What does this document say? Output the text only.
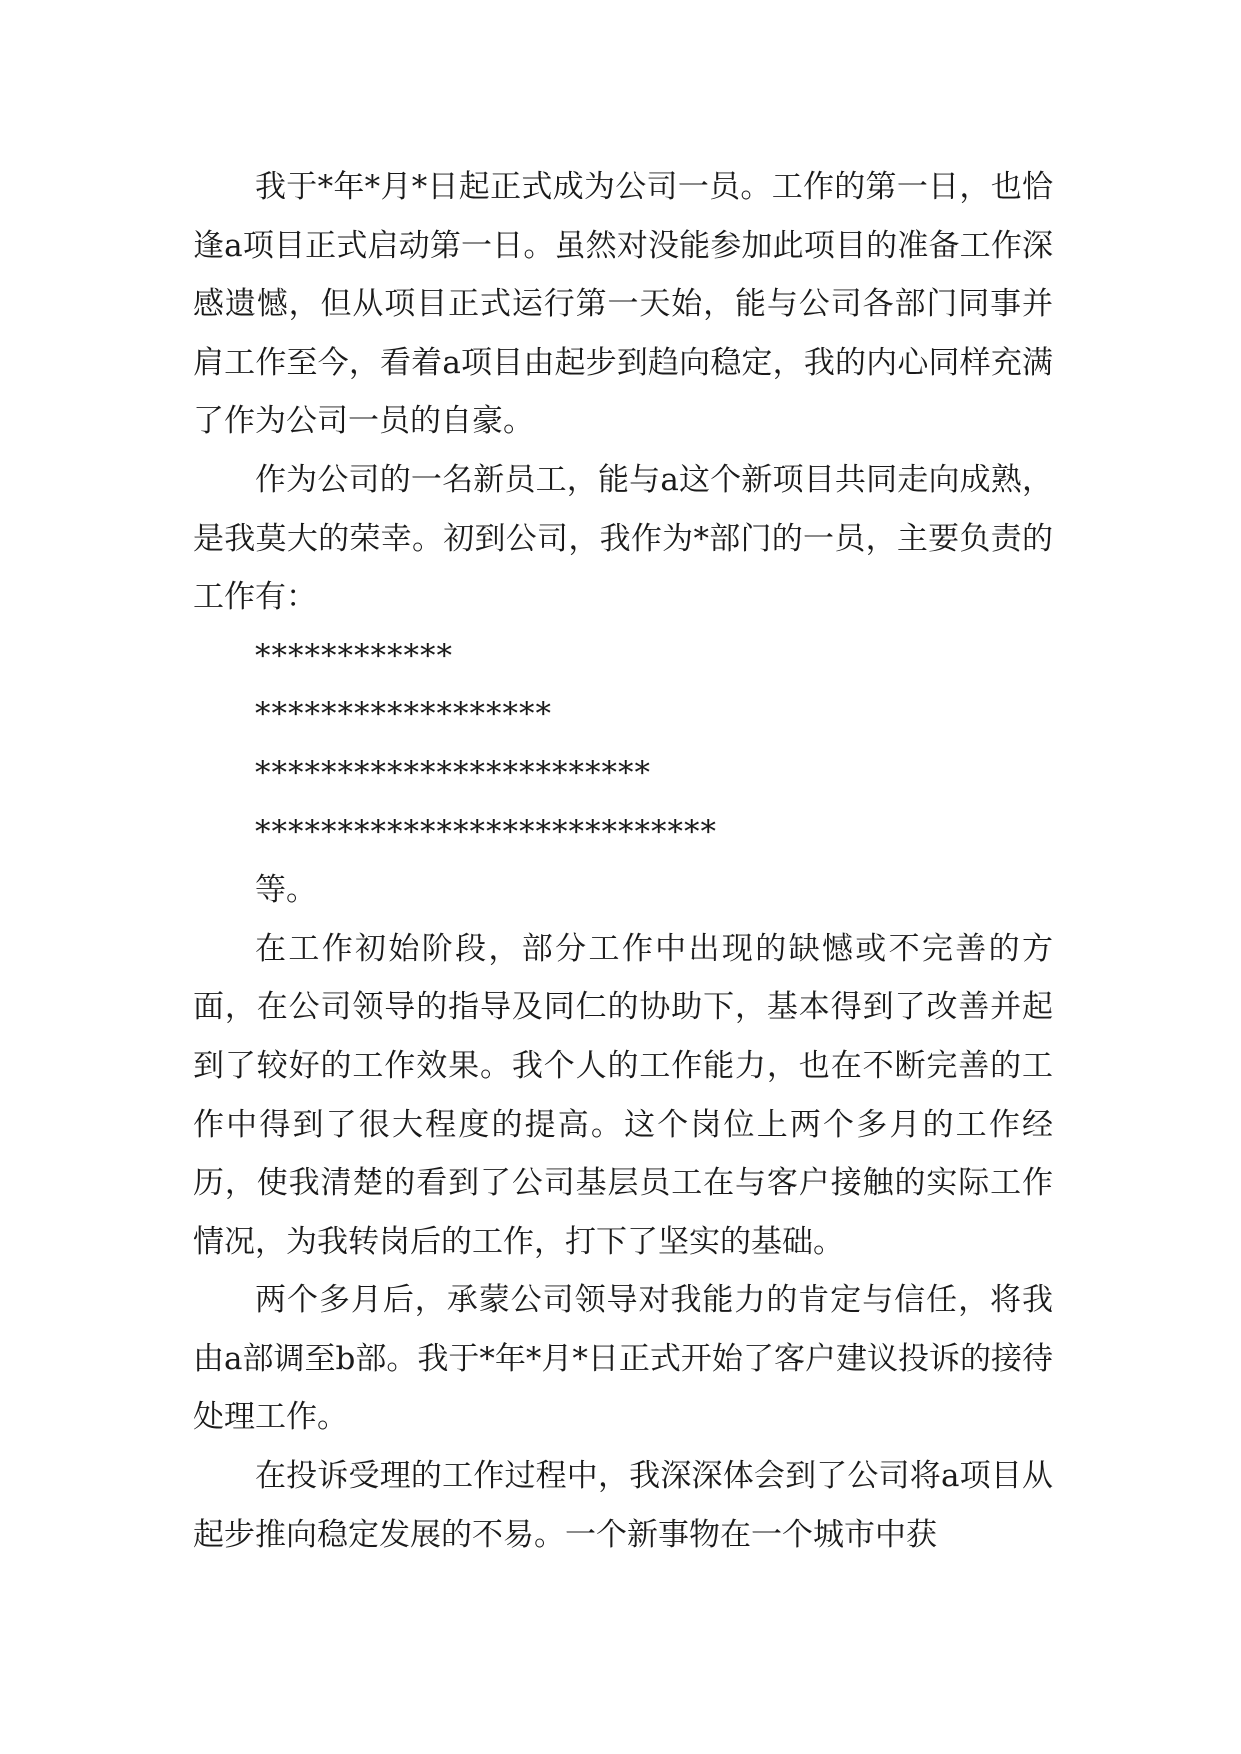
我于*年*月*日起正式成为公司一员。工作的第一日，也恰逢a项目正式启动第一日。虽然对没能参加此项目的准备工作深感遗憾，但从项目正式运行第一天始，能与公司各部门同事并肩工作至今，看着a项目由起步到趋向稳定，我的内心同样充满了作为公司一员的自豪。

作为公司的一名新员工，能与a这个新项目共同走向成熟，是我莫大的荣幸。初到公司，我作为*部门的一员，主要负责的工作有：

************

******************

************************

****************************

等。

在工作初始阶段，部分工作中出现的缺憾或不完善的方面，在公司领导的指导及同仁的协助下，基本得到了改善并起到了较好的工作效果。我个人的工作能力，也在不断完善的工作中得到了很大程度的提高。这个岗位上两个多月的工作经历，使我清楚的看到了公司基层员工在与客户接触的实际工作情况，为我转岗后的工作，打下了坚实的基础。

两个多月后，承蒙公司领导对我能力的肯定与信任，将我由a部调至b部。我于*年*月*日正式开始了客户建议投诉的接待处理工作。

在投诉受理的工作过程中，我深深体会到了公司将a项目从起步推向稳定发展的不易。一个新事物在一个城市中获
